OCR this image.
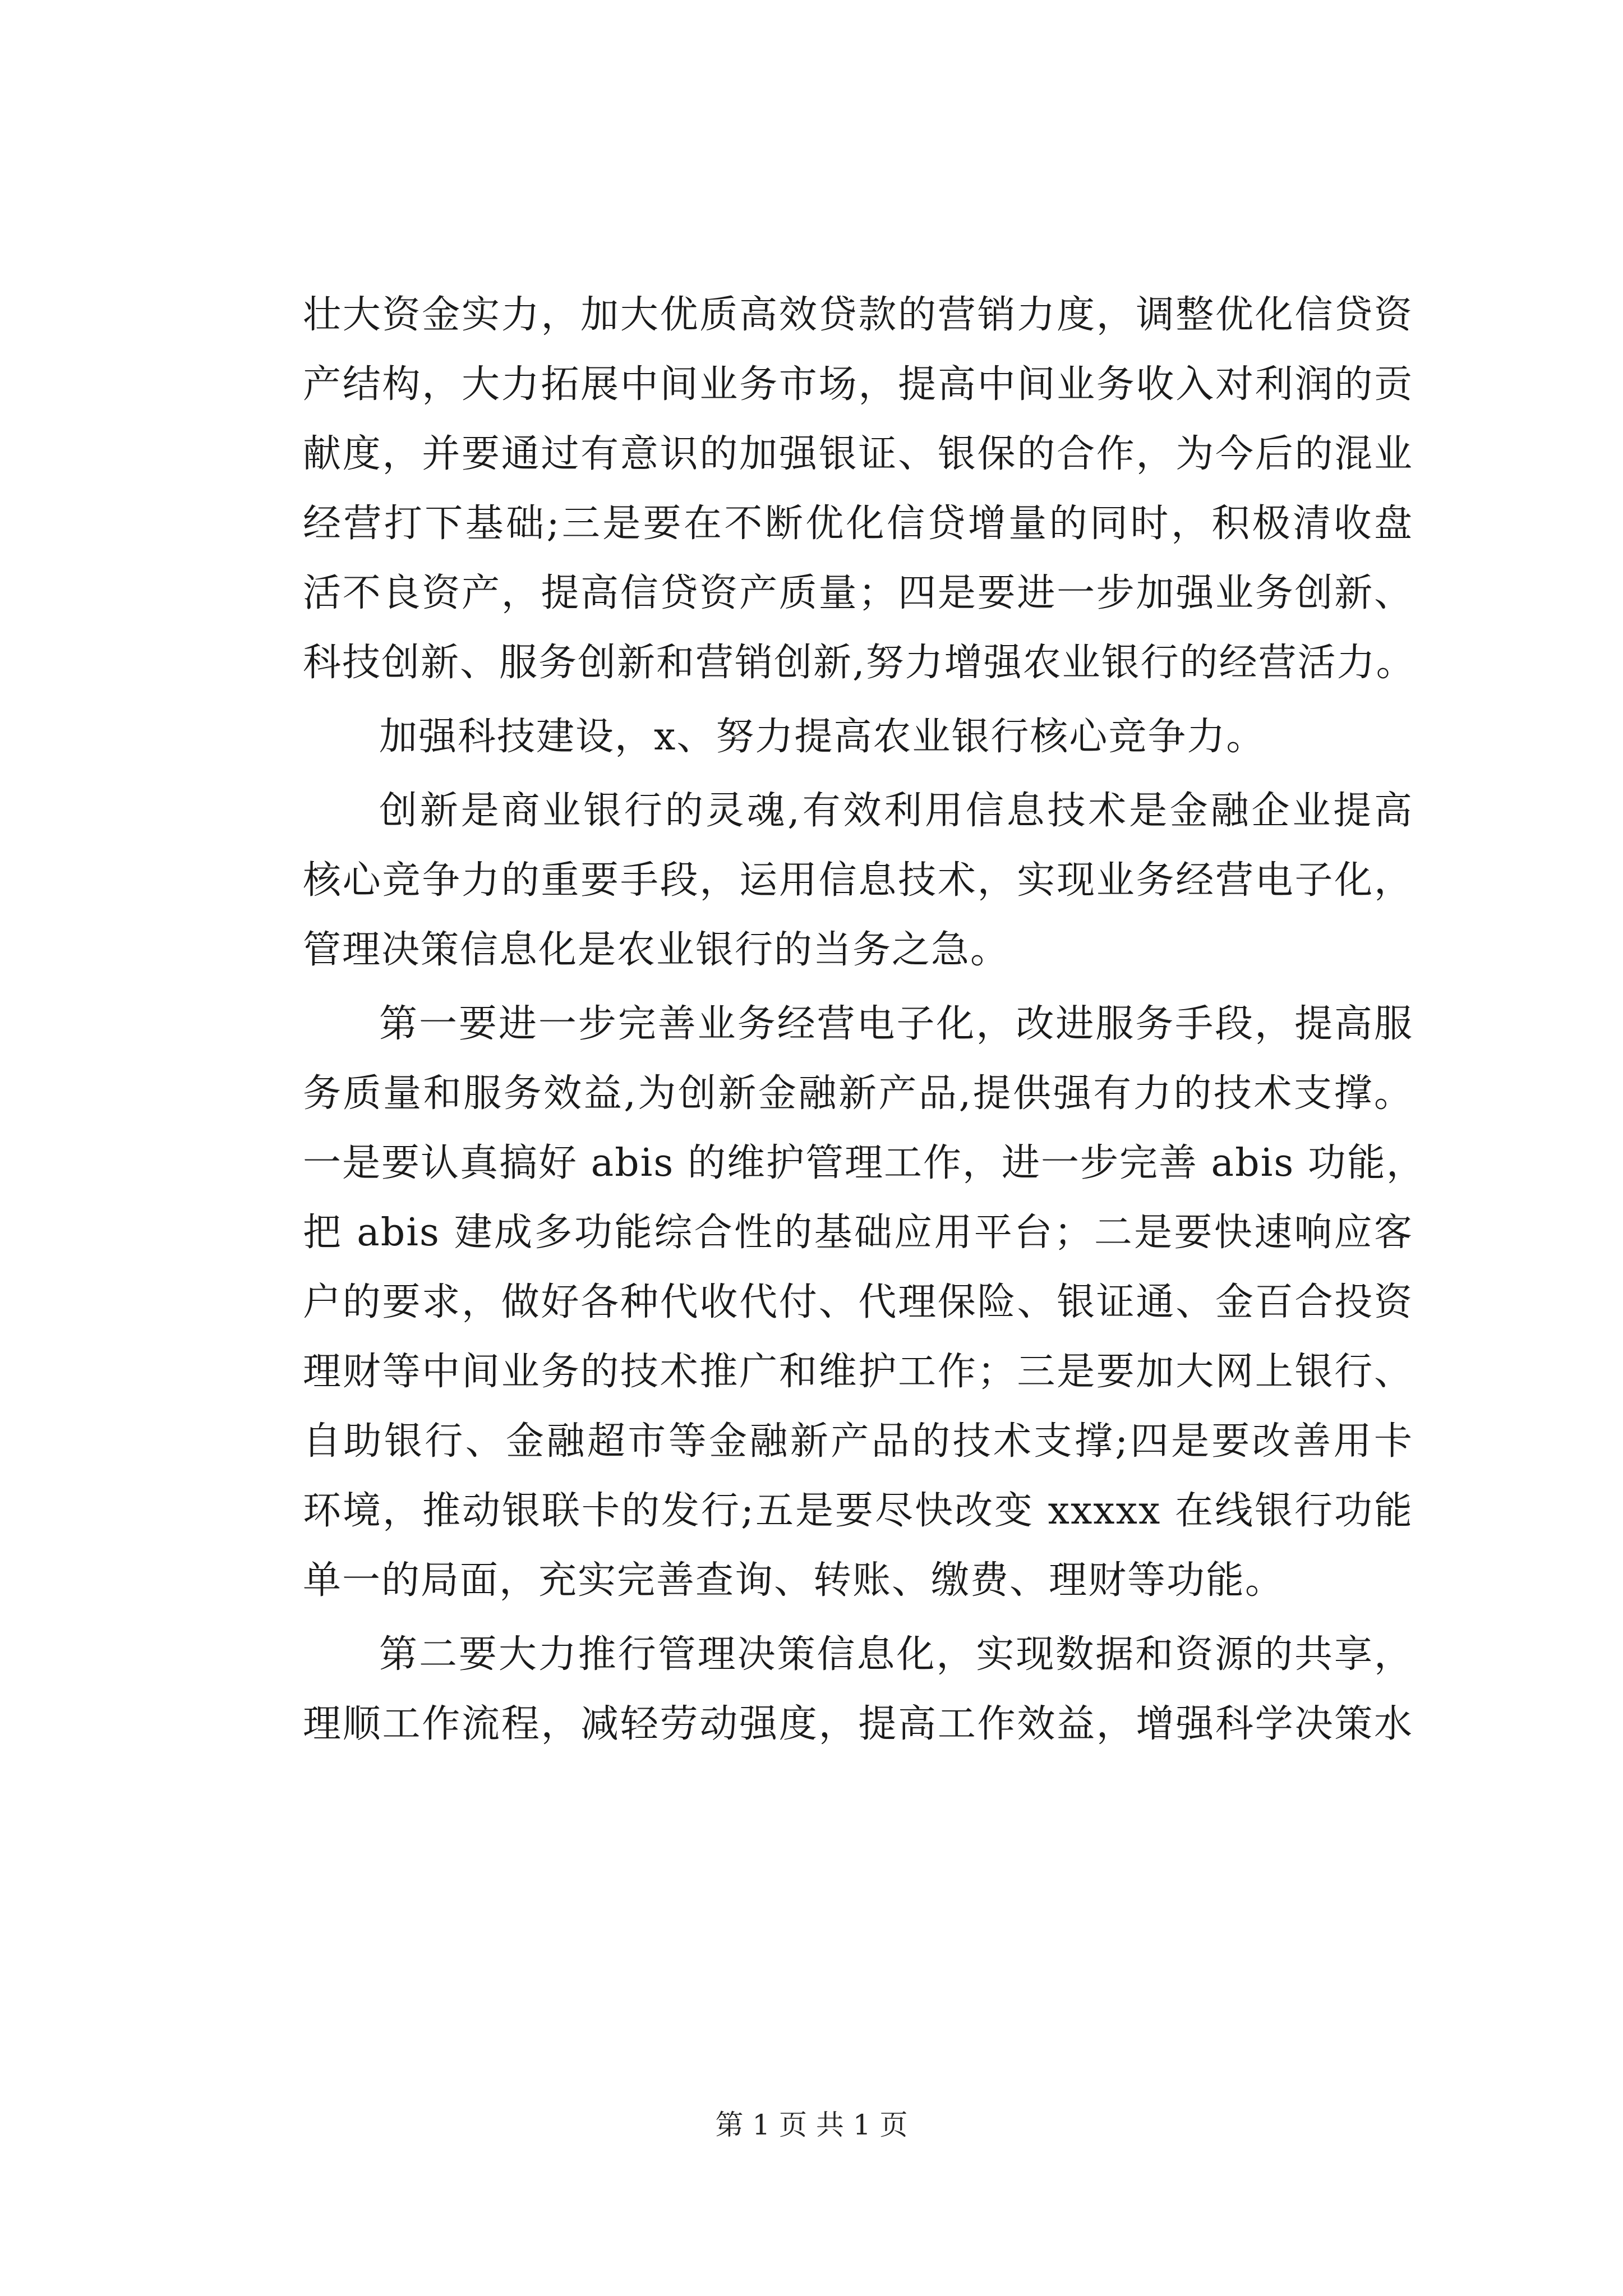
壮大资金实力，加大优质高效贷款的营销力度，调整优化信贷资
产结构，大力拓展中间业务市场，提高中间业务收入对利润的贡
献度，并要通过有意识的加强银证、银保的合作，为今后的混业
经营打下基础;三是要在不断优化信贷增量的同时，积极清收盘
活不良资产，提高信贷资产质量；四是要进一步加强业务创新、
科技创新、服务创新和营销创新,努力增强农业银行的经营活力。
加强科技建设，x、努力提高农业银行核心竞争力。
创新是商业银行的灵魂,有效利用信息技术是金融企业提高
核心竞争力的重要手段，运用信息技术，实现业务经营电子化，
管理决策信息化是农业银行的当务之急。
第一要进一步完善业务经营电子化，改进服务手段，提高服
务质量和服务效益,为创新金融新产品,提供强有力的技术支撑。
一是要认真搞好 abis 的维护管理工作，进一步完善 abis 功能，
把 abis 建成多功能综合性的基础应用平台；二是要快速响应客
户的要求，做好各种代收代付、代理保险、银证通、金百合投资
理财等中间业务的技术推广和维护工作；三是要加大网上银行、
自助银行、金融超市等金融新产品的技术支撑;四是要改善用卡
环境，推动银联卡的发行;五是要尽快改变 xxxxx 在线银行功能
单一的局面，充实完善查询、转账、缴费、理财等功能。
第二要大力推行管理决策信息化，实现数据和资源的共享，
理顺工作流程，减轻劳动强度，提高工作效益，增强科学决策水
第 1 页 共 1 页
